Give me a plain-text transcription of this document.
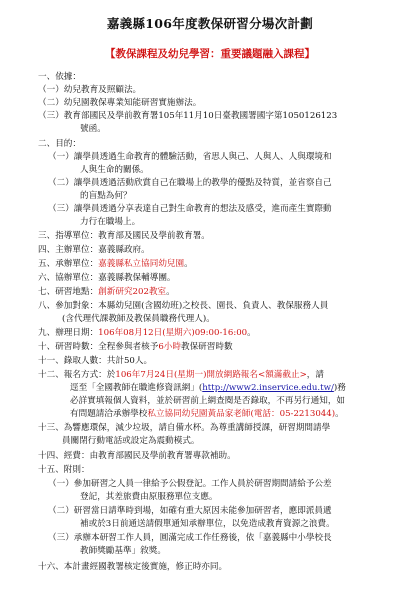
嘉義縣106年度教保研習分場次計劃
【教保課程及幼兒學習：重要議題融入課程】
一、依據：
（一）幼兒教育及照顧法。
（二）幼兒園教保專業知能研習實施辦法。
（三）教育部國民及學前教育署105年11月10日臺教國署國字第1050126123
號函。
二、目的：
（一）讓學員透過生命教育的體驗活動，省思人與己、人與人、人與環境和
人與生命的關係。
（二）讓學員透過活動欣賞自己在職場上的教學的優點及特質，並省察自己
的盲點為何？
（三）讓學員透過分享表達自己對生命教育的想法及感受，進而產生實際動
力行在職場上。
三、指導單位：教育部及國民及學前教育署。
四、主辦單位：嘉義縣政府。
五、承辦單位：嘉義縣私立協同幼兒園。
六、協辦單位：嘉義縣教保輔導團。
七、研習地點：創新研究202教室。
八、參加對象：本縣幼兒園(含國幼班)之校長、園長、負責人、教保服務人員
(含代理代課教師及教保員職務代理人)。
九、辦理日期：106年08月12日(星期六)09:00-16:00。
十、研習時數：全程參與者核予6小時教保研習時數
十一、錄取人數：共計50人。
十二、報名方式：於106年7月24日(星期一)開放網路報名<額滿截止>，請
逕至「全國教師在職進修資訊網」(http://www2.inservice.edu.tw/)務
必詳實填報個人資料，並於研習前上網查閱是否錄取，不再另行通知，如
有問題請洽承辦學校私立協同幼兒園黃品家老師(電話：05-2213044)。
十三、為響應環保，減少垃圾，請自備水杯。為尊重講師授課，研習期間請學
員關閉行動電話或設定為震動模式。
十四、經費：由教育部國民及學前教育署專款補助。
十五、附則：
（一）參加研習之人員一律給予公假登記。工作人員於研習期間請給予公差
登記，其差旅費由原服務單位支應。
（二）研習當日請準時到場，如確有重大原因未能參加研習者，應即派員遞
補或於3日前通送請假單通知承辦單位，以免造成教育資源之浪費。
（三）承辦本研習工作人員，圓滿完成工作任務後，依「嘉義縣中小學校長
教師獎勵基準」敘獎。
十六、本計畫經國教署核定後實施，修正時亦同。
